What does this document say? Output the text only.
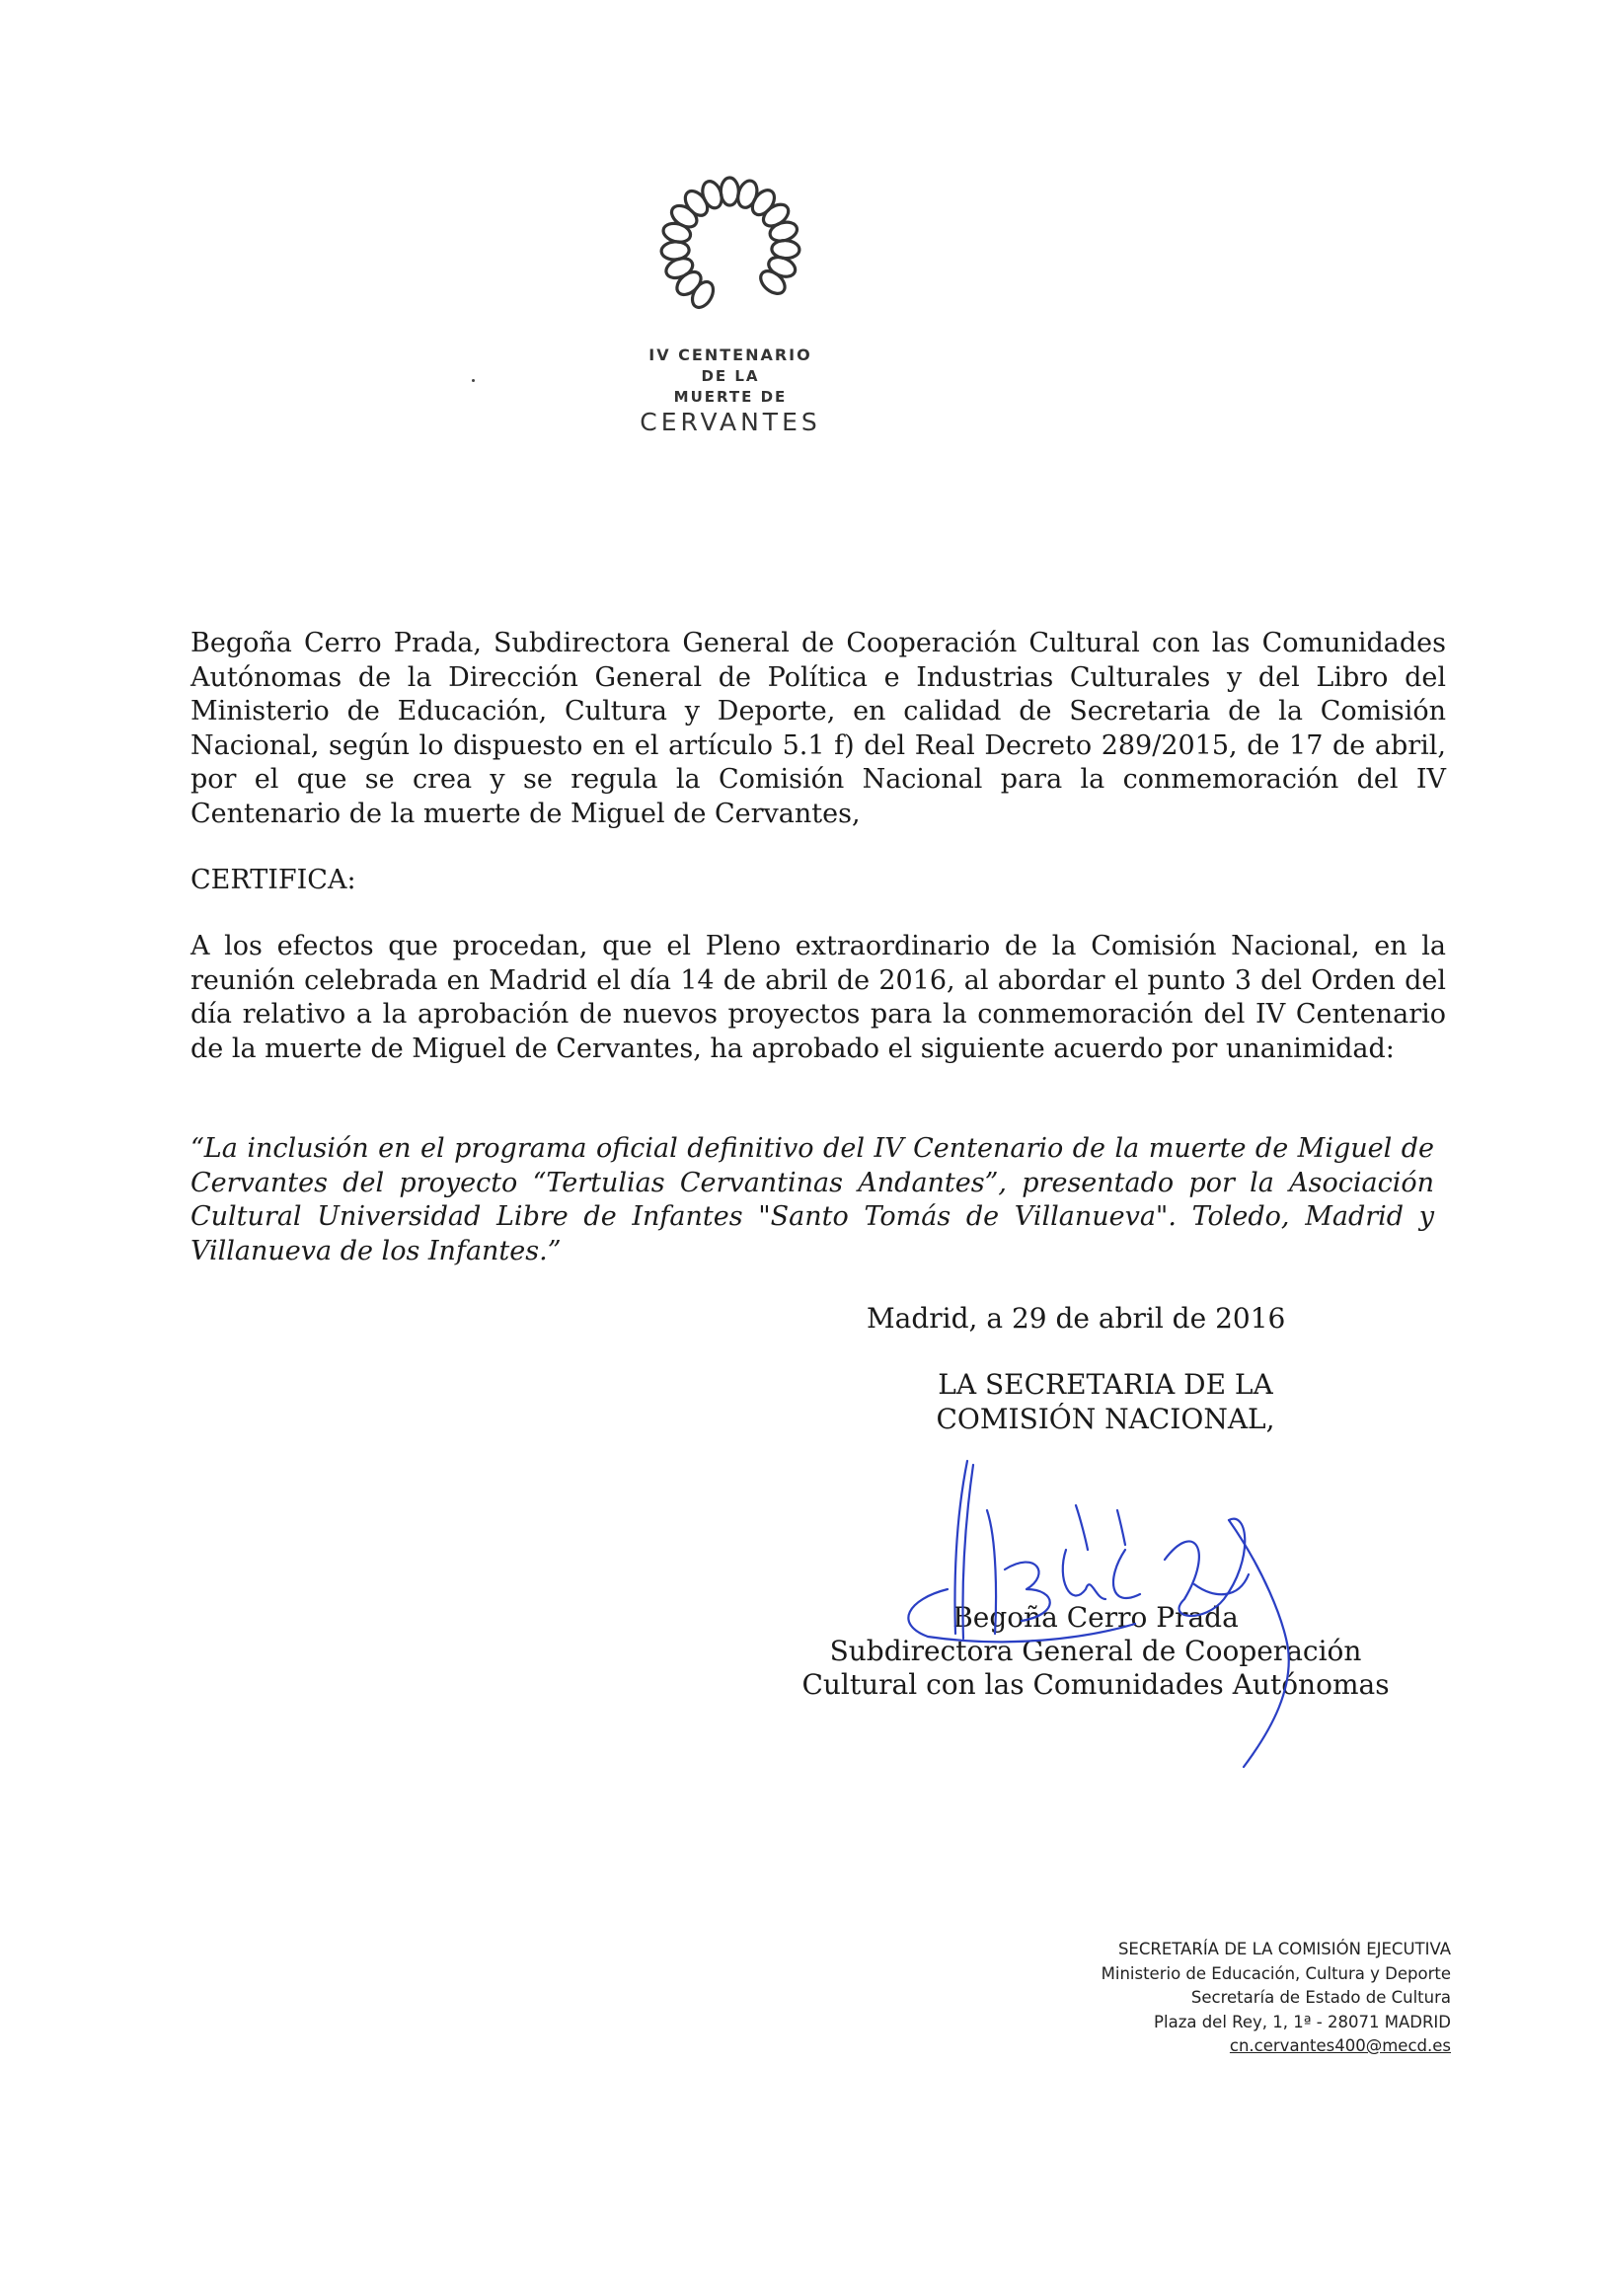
IV CENTENARIO
DE LA
MUERTE DE
CERVANTES
Begoña Cerro Prada, Subdirectora General de Cooperación Cultural con las Comunidades Autónomas de la Dirección General de Política e Industrias Culturales y del Libro del Ministerio de Educación, Cultura y Deporte, en calidad de Secretaria de la Comisión Nacional, según lo dispuesto en el artículo 5.1 f) del Real Decreto 289/2015, de 17 de abril, por el que se crea y se regula la Comisión Nacional para la conmemoración del IV Centenario de la muerte de Miguel de Cervantes,
CERTIFICA:
A los efectos que procedan, que el Pleno extraordinario de la Comisión Nacional, en la reunión celebrada en Madrid el día 14 de abril de 2016, al abordar el punto 3 del Orden del día relativo a la aprobación de nuevos proyectos para la conmemoración del IV Centenario de la muerte de Miguel de Cervantes, ha aprobado el siguiente acuerdo por unanimidad:
“La inclusión en el programa oficial definitivo del IV Centenario de la muerte de Miguel de Cervantes del proyecto “Tertulias Cervantinas Andantes”, presentado por la Asociación Cultural Universidad Libre de Infantes "Santo Tomás de Villanueva". Toledo, Madrid y Villanueva de los Infantes.”
Madrid, a 29 de abril de 2016
LA SECRETARIA DE LA
COMISIÓN NACIONAL,
Begoña Cerro Prada
Subdirectora General de Cooperación
Cultural con las Comunidades Autónomas
SECRETARÍA DE LA COMISIÓN EJECUTIVA
Ministerio de Educación, Cultura y Deporte
Secretaría de Estado de Cultura
Plaza del Rey, 1, 1ª - 28071 MADRID
cn.cervantes400@mecd.es
